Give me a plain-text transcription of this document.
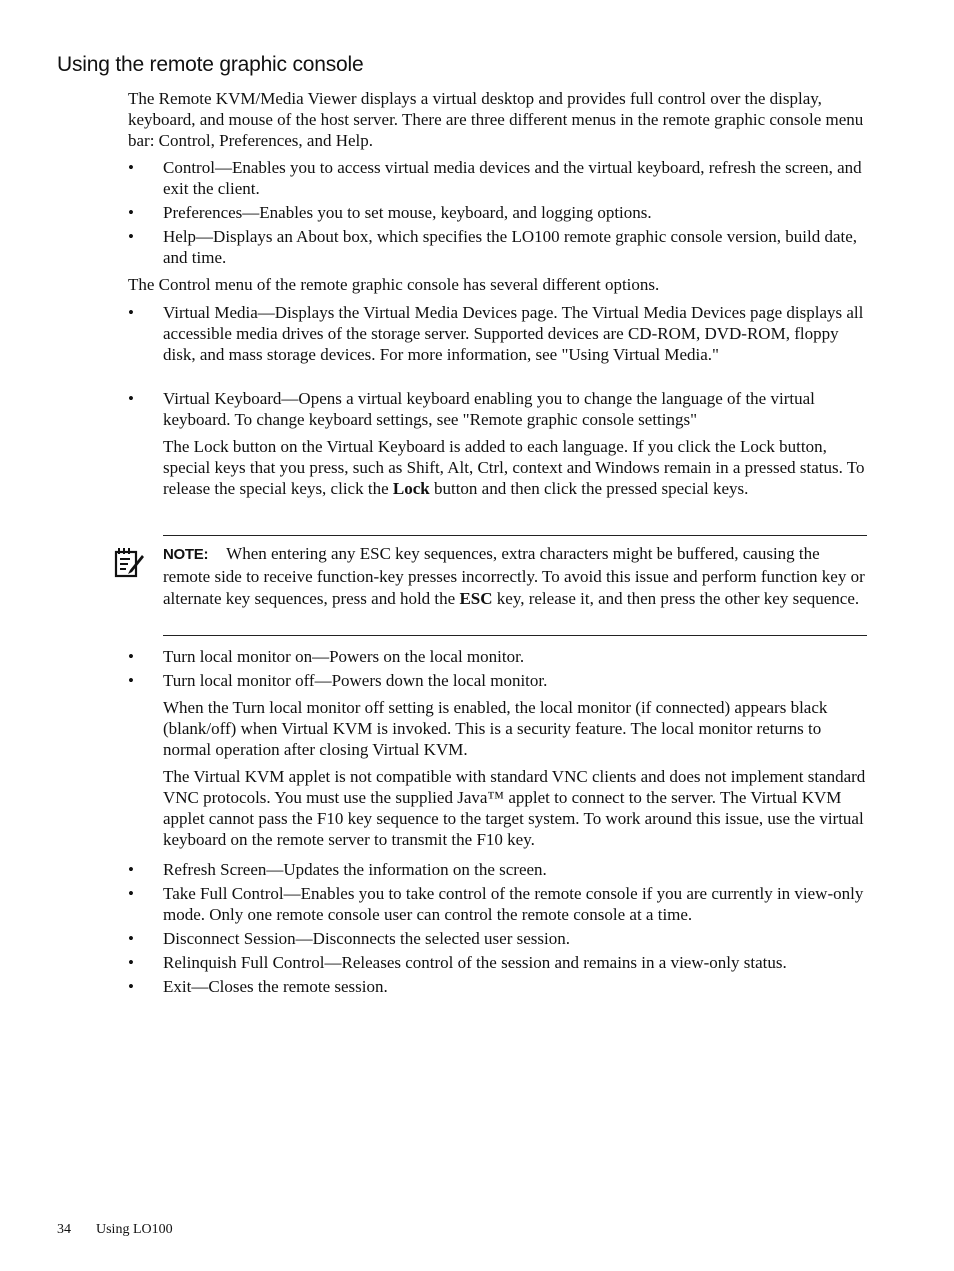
Using the remote graphic console

The Remote KVM/Media Viewer displays a virtual desktop and provides full control over the display, keyboard, and mouse of the host server. There are three different menus in the remote graphic console menu bar: Control, Preferences, and Help.

•	Control—Enables you to access virtual media devices and the virtual keyboard, refresh the screen, and exit the client.
•	Preferences—Enables you to set mouse, keyboard, and logging options.
•	Help—Displays an About box, which specifies the LO100 remote graphic console version, build date, and time.

The Control menu of the remote graphic console has several different options.

•	Virtual Media—Displays the Virtual Media Devices page. The Virtual Media Devices page displays all accessible media drives of the storage server. Supported devices are CD-ROM, DVD-ROM, floppy disk, and mass storage devices. For more information, see "Using Virtual Media."
•	Virtual Keyboard—Opens a virtual keyboard enabling you to change the language of the virtual keyboard. To change keyboard settings, see "Remote graphic console settings"

The Lock button on the Virtual Keyboard is added to each language. If you click the Lock button, special keys that you press, such as Shift, Alt, Ctrl, context and Windows remain in a pressed status. To release the special keys, click the Lock button and then click the pressed special keys.

NOTE: When entering any ESC key sequences, extra characters might be buffered, causing the remote side to receive function-key presses incorrectly. To avoid this issue and perform function key or alternate key sequences, press and hold the ESC key, release it, and then press the other key sequence.

•	Turn local monitor on—Powers on the local monitor.
•	Turn local monitor off—Powers down the local monitor.

When the Turn local monitor off setting is enabled, the local monitor (if connected) appears black (blank/off) when Virtual KVM is invoked. This is a security feature. The local monitor returns to normal operation after closing Virtual KVM.

The Virtual KVM applet is not compatible with standard VNC clients and does not implement standard VNC protocols. You must use the supplied Java™ applet to connect to the server. The Virtual KVM applet cannot pass the F10 key sequence to the target system. To work around this issue, use the virtual keyboard on the remote server to transmit the F10 key.

•	Refresh Screen—Updates the information on the screen.
•	Take Full Control—Enables you to take control of the remote console if you are currently in view-only mode. Only one remote console user can control the remote console at a time.
•	Disconnect Session—Disconnects the selected user session.
•	Relinquish Full Control—Releases control of the session and remains in a view-only status.
•	Exit—Closes the remote session.
34 Using LO100
